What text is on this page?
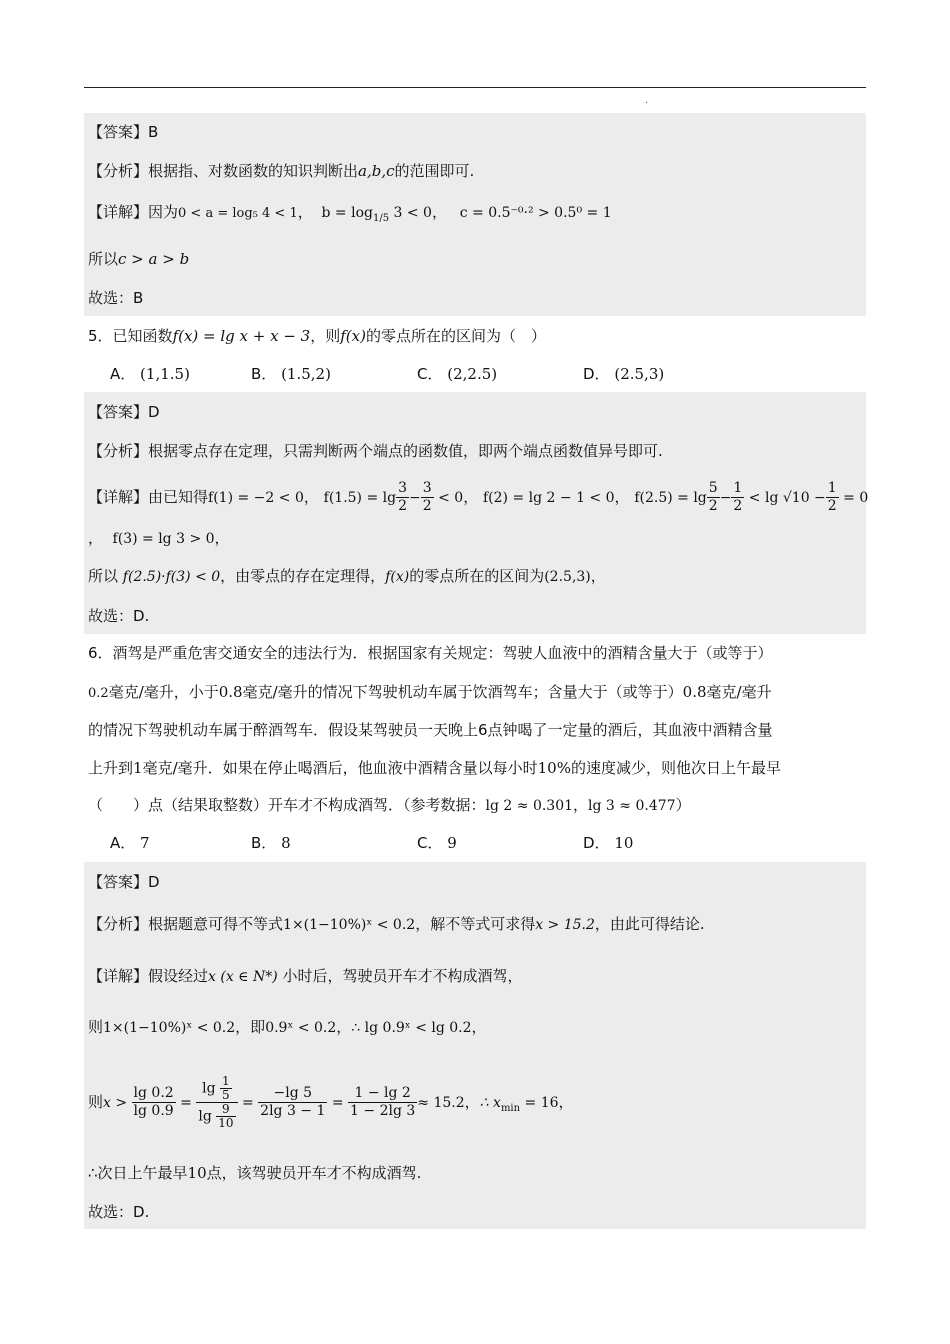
.
【答案】B
【分析】根据指、对数函数的知识判断出a,b,c的范围即可.
【详解】因为0 < a = log₅ 4 < 1， $b = \log_{1/5} 3 < 0$， c = 0.5⁻⁰·² > 0.5⁰ = 1
所以c > a > b
故选：B
5．已知函数f(x) = lg x + x − 3，则f(x)的零点所在的区间为（　）
A． (1,1.5)	B． (1.5,2)	C． (2,2.5)	D． (2.5,3)
【答案】D
【分析】根据零点存在定理，只需判断两个端点的函数值，即两个端点函数值异号即可.
【详解】由已知得f(1) = −2 < 0， $f(1.5) = \lg \frac{3}{2} - \frac{3}{2} < 0$， f(2) = lg 2 − 1 < 0， $f(2.5) = \lg \frac{5}{2} - \frac{1}{2} < \lg √10 - \frac{1}{2} = 0$
，  f(3) = lg 3 > 0，
所以 f(2.5)·f(3) < 0，由零点的存在定理得，f(x)的零点所在的区间为(2.5,3)，
故选：D.
6．酒驾是严重危害交通安全的违法行为．根据国家有关规定：驾驶人血液中的酒精含量大于（或等于）
0.2毫克/毫升，小于0.8毫克/毫升的情况下驾驶机动车属于饮酒驾车；含量大于（或等于）0.8毫克/毫升
的情况下驾驶机动车属于醉酒驾车．假设某驾驶员一天晚上6点钟喝了一定量的酒后，其血液中酒精含量
上升到1毫克/毫升．如果在停止喝酒后，他血液中酒精含量以每小时10%的速度减少，则他次日上午最早
（　　）点（结果取整数）开车才不构成酒驾．（参考数据：lg 2 ≈ 0.301，lg 3 ≈ 0.477）
A． 7	B． 8	C． 9	D． 10
【答案】D
【分析】根据题意可得不等式1×(1−10%)ˣ < 0.2，解不等式可求得x > 15.2，由此可得结论.
【详解】假设经过x (x ∈ N*) 小时后，驾驶员开车才不构成酒驾，
则1×(1−10%)ˣ < 0.2，即0.9ˣ < 0.2，∴ lg 0.9ˣ < lg 0.2，
则$x > \frac{\lg 0.2}{\lg 0.9} = \frac{\lg \frac{1}{5}}{\lg \frac{9}{10}} = \frac{-\lg 5}{2\lg 3 - 1} = \frac{1 - \lg 2}{1 - 2\lg 3} \approx 15.2$，∴ $x_{min} = 16$，
∴次日上午最早10点，该驾驶员开车才不构成酒驾.
故选：D.
